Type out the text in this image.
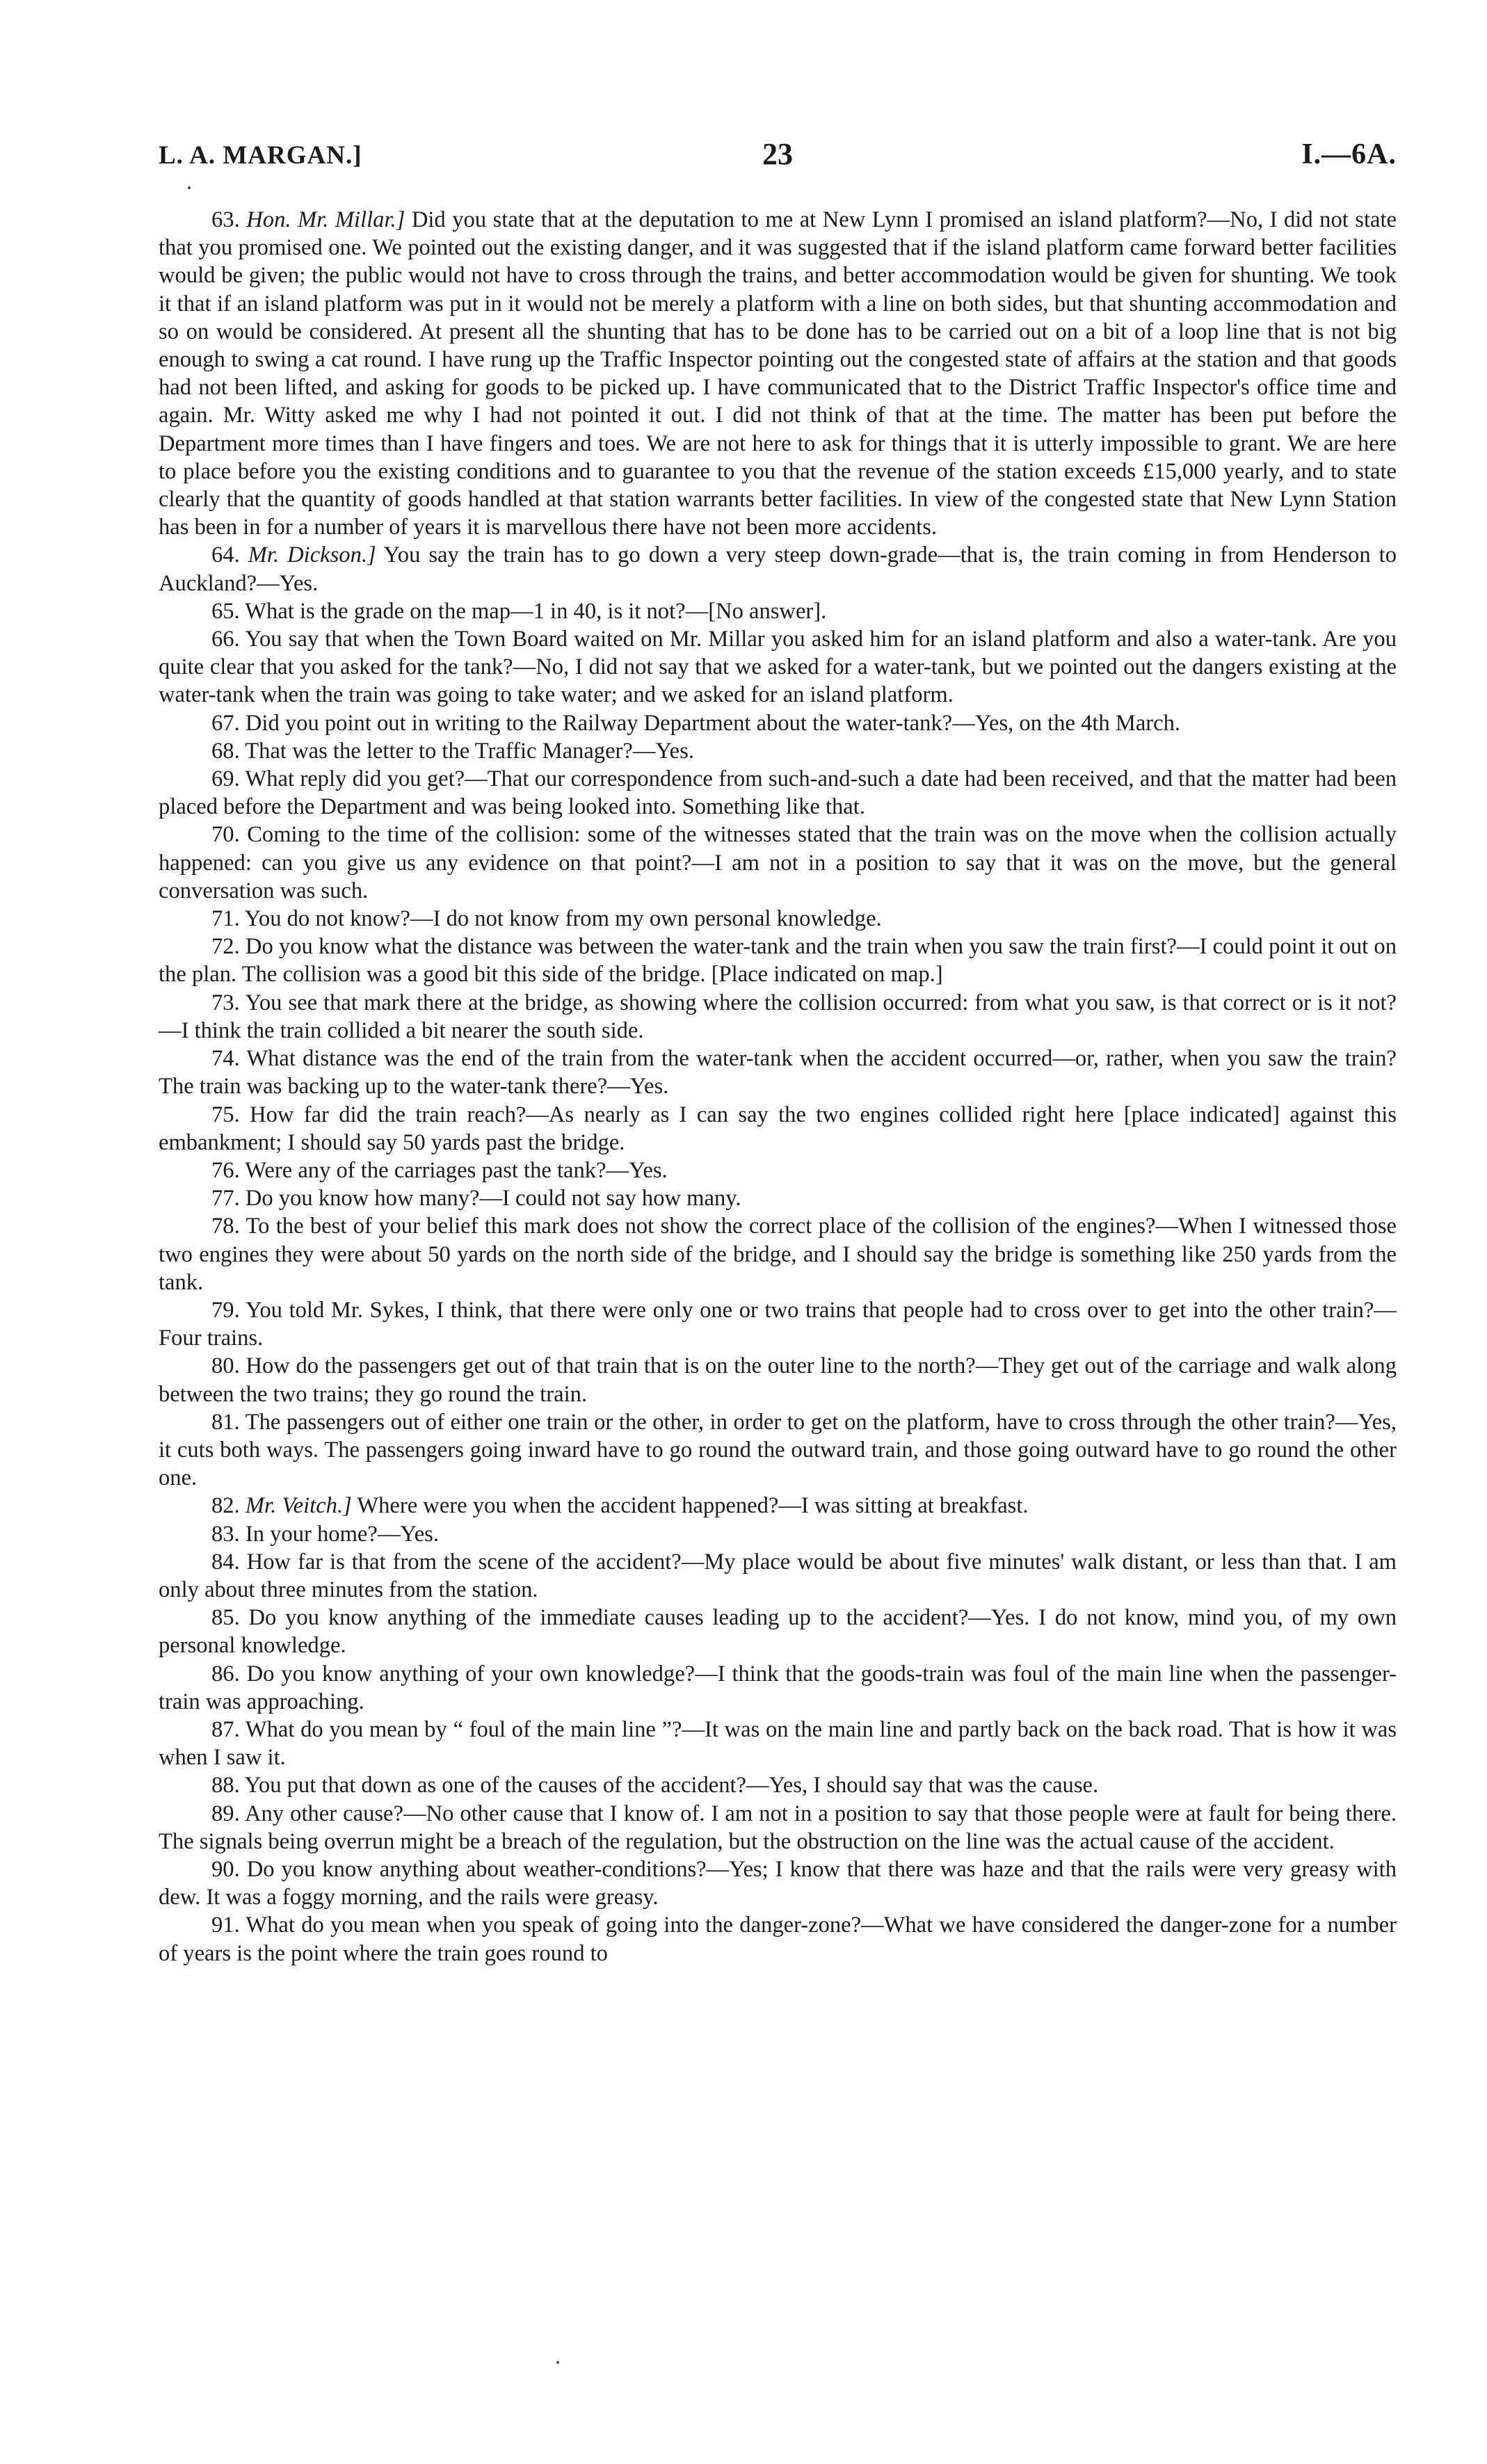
L. A. MARGAN.]	23	I.—6A.

63. Hon. Mr. Millar.] Did you state that at the deputation to me at New Lynn I promised an island platform?—No, I did not state that you promised one. We pointed out the existing danger, and it was suggested that if the island platform came forward better facilities would be given; the public would not have to cross through the trains, and better accommodation would be given for shunting. We took it that if an island platform was put in it would not be merely a platform with a line on both sides, but that shunting accommodation and so on would be considered. At present all the shunting that has to be done has to be carried out on a bit of a loop line that is not big enough to swing a cat round. I have rung up the Traffic Inspector pointing out the congested state of affairs at the station and that goods had not been lifted, and asking for goods to be picked up. I have communicated that to the District Traffic Inspector's office time and again. Mr. Witty asked me why I had not pointed it out. I did not think of that at the time. The matter has been put before the Department more times than I have fingers and toes. We are not here to ask for things that it is utterly impossible to grant. We are here to place before you the existing conditions and to guarantee to you that the revenue of the station exceeds £15,000 yearly, and to state clearly that the quantity of goods handled at that station warrants better facilities. In view of the congested state that New Lynn Station has been in for a number of years it is marvellous there have not been more accidents.

64. Mr. Dickson.] You say the train has to go down a very steep down-grade—that is, the train coming in from Henderson to Auckland?—Yes.

65. What is the grade on the map—1 in 40, is it not?—[No answer].

66. You say that when the Town Board waited on Mr. Millar you asked him for an island platform and also a water-tank. Are you quite clear that you asked for the tank?—No, I did not say that we asked for a water-tank, but we pointed out the dangers existing at the water-tank when the train was going to take water; and we asked for an island platform.

67. Did you point out in writing to the Railway Department about the water-tank?—Yes, on the 4th March.

68. That was the letter to the Traffic Manager?—Yes.

69. What reply did you get?—That our correspondence from such-and-such a date had been received, and that the matter had been placed before the Department and was being looked into. Something like that.

70. Coming to the time of the collision: some of the witnesses stated that the train was on the move when the collision actually happened: can you give us any evidence on that point?—I am not in a position to say that it was on the move, but the general conversation was such.

71. You do not know?—I do not know from my own personal knowledge.

72. Do you know what the distance was between the water-tank and the train when you saw the train first?—I could point it out on the plan. The collision was a good bit this side of the bridge. [Place indicated on map.]

73. You see that mark there at the bridge, as showing where the collision occurred: from what you saw, is that correct or is it not?—I think the train collided a bit nearer the south side.

74. What distance was the end of the train from the water-tank when the accident occurred—or, rather, when you saw the train? The train was backing up to the water-tank there?—Yes.

75. How far did the train reach?—As nearly as I can say the two engines collided right here [place indicated] against this embankment; I should say 50 yards past the bridge.

76. Were any of the carriages past the tank?—Yes.

77. Do you know how many?—I could not say how many.

78. To the best of your belief this mark does not show the correct place of the collision of the engines?—When I witnessed those two engines they were about 50 yards on the north side of the bridge, and I should say the bridge is something like 250 yards from the tank.

79. You told Mr. Sykes, I think, that there were only one or two trains that people had to cross over to get into the other train?—Four trains.

80. How do the passengers get out of that train that is on the outer line to the north?—They get out of the carriage and walk along between the two trains; they go round the train.

81. The passengers out of either one train or the other, in order to get on the platform, have to cross through the other train?—Yes, it cuts both ways. The passengers going inward have to go round the outward train, and those going outward have to go round the other one.

82. Mr. Veitch.] Where were you when the accident happened?—I was sitting at breakfast.

83. In your home?—Yes.

84. How far is that from the scene of the accident?—My place would be about five minutes' walk distant, or less than that. I am only about three minutes from the station.

85. Do you know anything of the immediate causes leading up to the accident?—Yes. I do not know, mind you, of my own personal knowledge.

86. Do you know anything of your own knowledge?—I think that the goods-train was foul of the main line when the passenger-train was approaching.

87. What do you mean by “ foul of the main line ”?—It was on the main line and partly back on the back road. That is how it was when I saw it.

88. You put that down as one of the causes of the accident?—Yes, I should say that was the cause.

89. Any other cause?—No other cause that I know of. I am not in a position to say that those people were at fault for being there. The signals being overrun might be a breach of the regulation, but the obstruction on the line was the actual cause of the accident.

90. Do you know anything about weather-conditions?—Yes; I know that there was haze and that the rails were very greasy with dew. It was a foggy morning, and the rails were greasy.

91. What do you mean when you speak of going into the danger-zone?—What we have considered the danger-zone for a number of years is the point where the train goes round to
